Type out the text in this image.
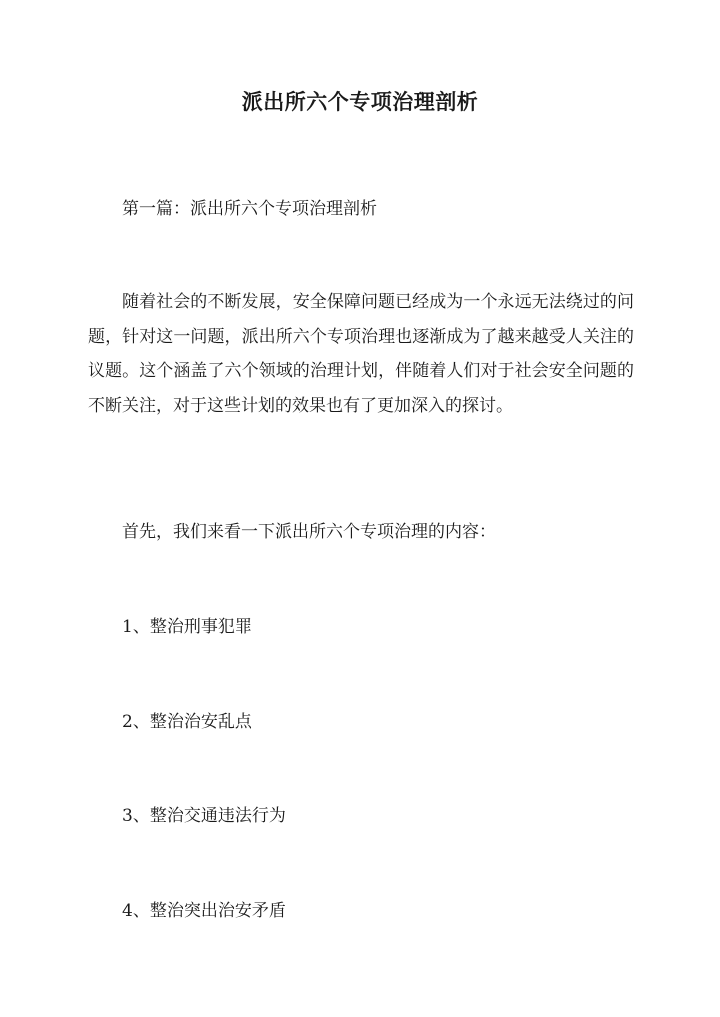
派出所六个专项治理剖析

第一篇：派出所六个专项治理剖析

随着社会的不断发展，安全保障问题已经成为一个永远无法绕过的问题，针对这一问题，派出所六个专项治理也逐渐成为了越来越受人关注的议题。这个涵盖了六个领域的治理计划，伴随着人们对于社会安全问题的不断关注，对于这些计划的效果也有了更加深入的探讨。

首先，我们来看一下派出所六个专项治理的内容：

1、整治刑事犯罪

2、整治治安乱点

3、整治交通违法行为

4、整治突出治安矛盾
